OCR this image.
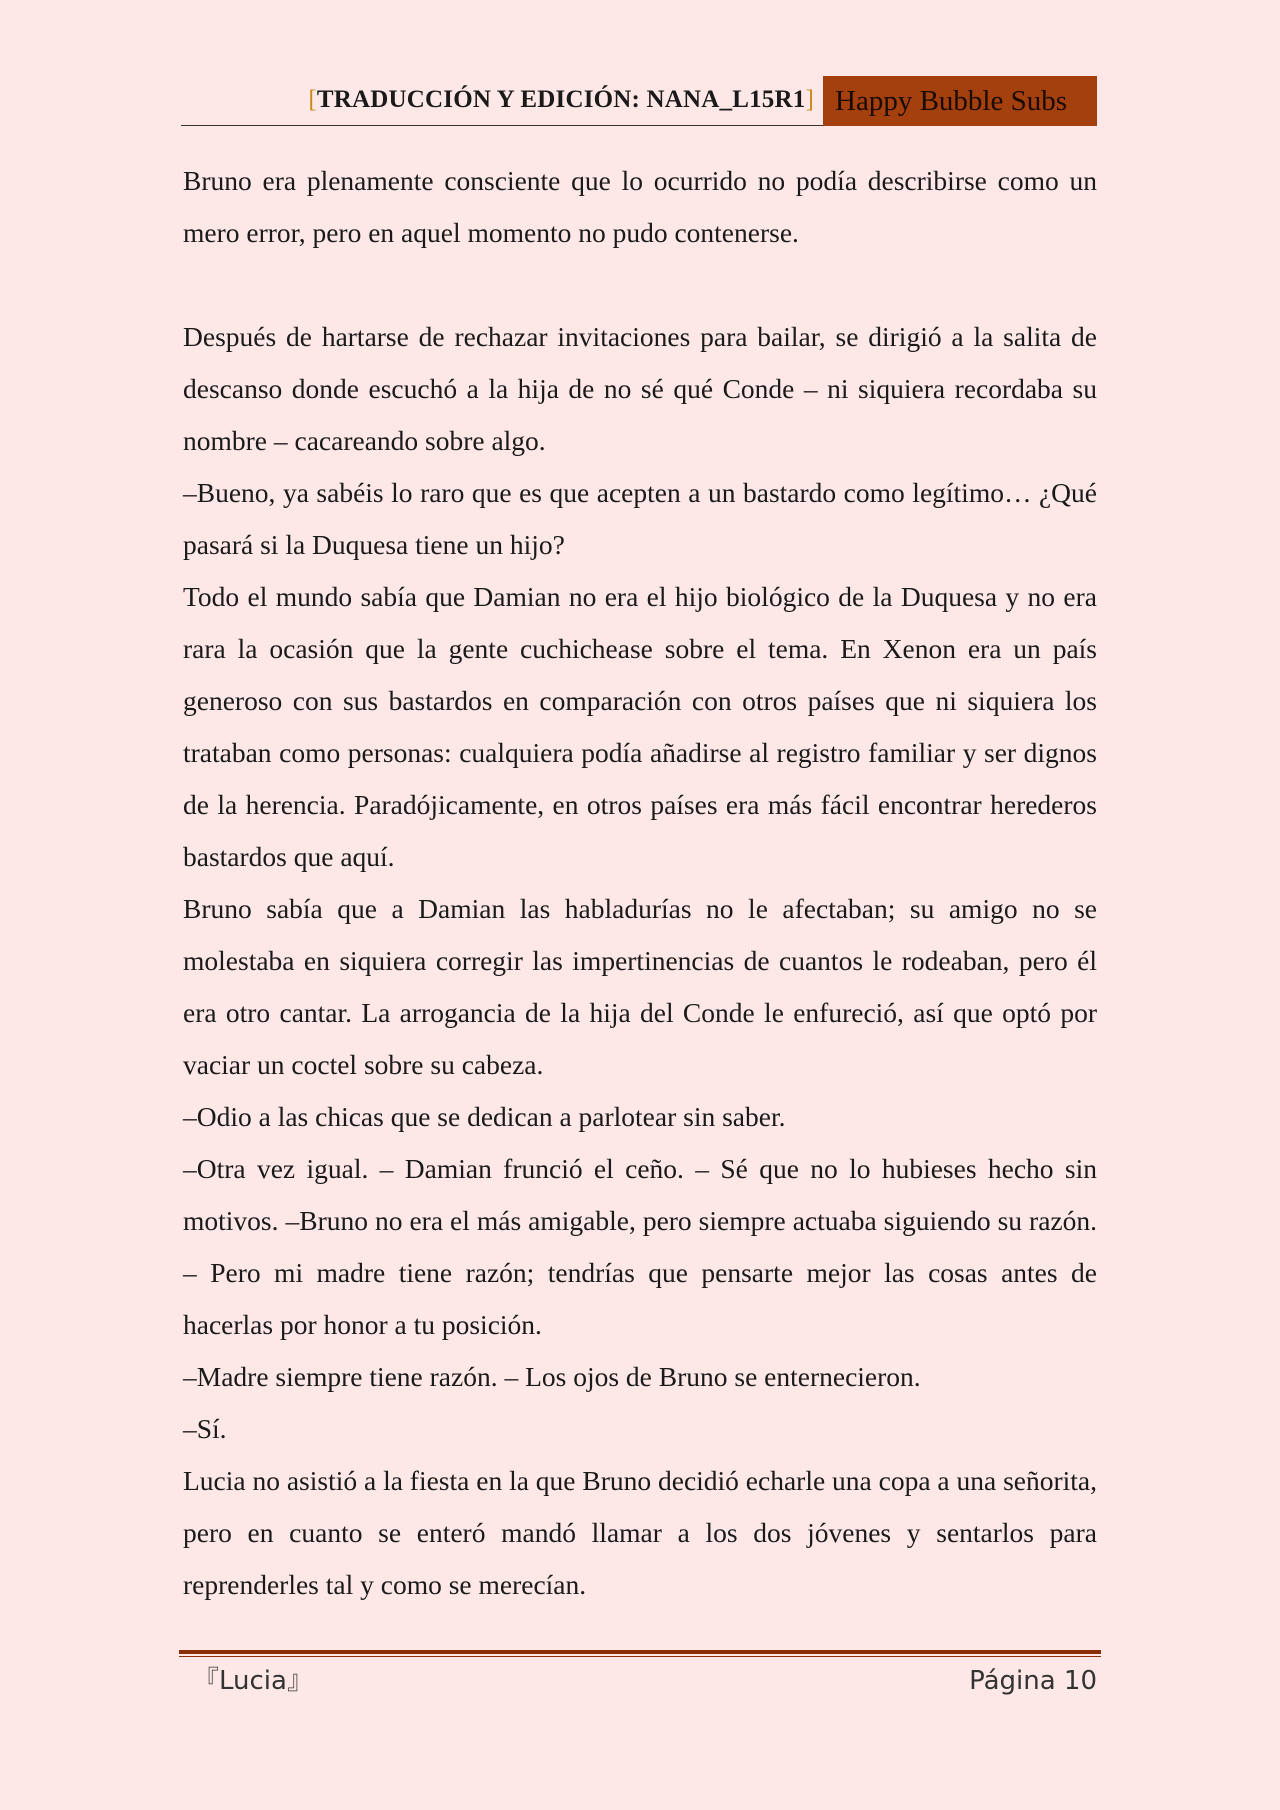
[TRADUCCIÓN Y EDICIÓN: NANA_L15R1] Happy Bubble Subs

Bruno era plenamente consciente que lo ocurrido no podía describirse como un mero error, pero en aquel momento no pudo contenerse.

Después de hartarse de rechazar invitaciones para bailar, se dirigió a la salita de descanso donde escuchó a la hija de no sé qué Conde – ni siquiera recordaba su nombre – cacareando sobre algo.

–Bueno, ya sabéis lo raro que es que acepten a un bastardo como legítimo… ¿Qué pasará si la Duquesa tiene un hijo?

Todo el mundo sabía que Damian no era el hijo biológico de la Duquesa y no era rara la ocasión que la gente cuchichease sobre el tema. En Xenon era un país generoso con sus bastardos en comparación con otros países que ni siquiera los trataban como personas: cualquiera podía añadirse al registro familiar y ser dignos de la herencia. Paradójicamente, en otros países era más fácil encontrar herederos bastardos que aquí.

Bruno sabía que a Damian las habladurías no le afectaban; su amigo no se molestaba en siquiera corregir las impertinencias de cuantos le rodeaban, pero él era otro cantar. La arrogancia de la hija del Conde le enfureció, así que optó por vaciar un coctel sobre su cabeza.

–Odio a las chicas que se dedican a parlotear sin saber.

–Otra vez igual. – Damian frunció el ceño. – Sé que no lo hubieses hecho sin motivos. –Bruno no era el más amigable, pero siempre actuaba siguiendo su razón. – Pero mi madre tiene razón; tendrías que pensarte mejor las cosas antes de hacerlas por honor a tu posición.

–Madre siempre tiene razón. – Los ojos de Bruno se enternecieron.

–Sí.

Lucia no asistió a la fiesta en la que Bruno decidió echarle una copa a una señorita, pero en cuanto se enteró mandó llamar a los dos jóvenes y sentarlos para reprenderles tal y como se merecían.

『Lucia』	Página 10
